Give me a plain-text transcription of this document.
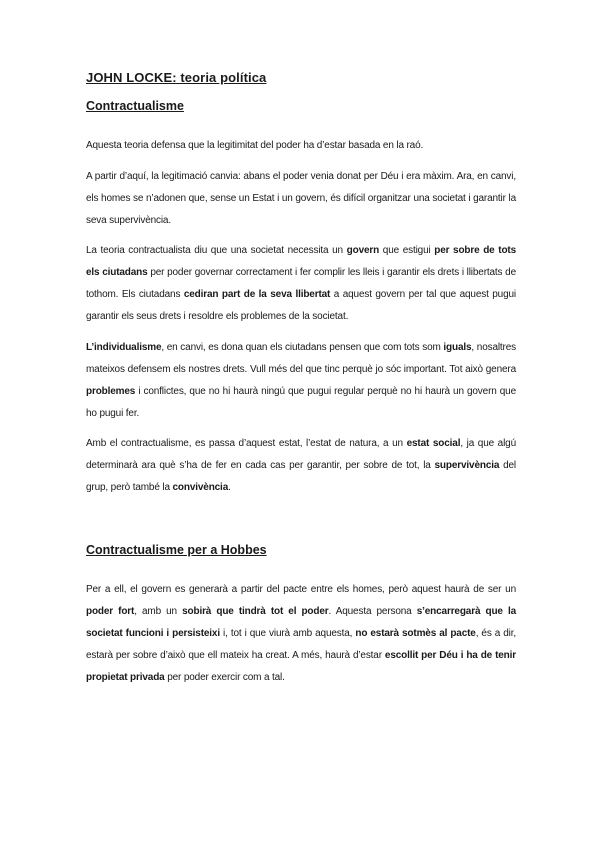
JOHN LOCKE: teoria política
Contractualisme

Aquesta teoria defensa que la legitimitat del poder ha d’estar basada en la raó.

A partir d’aquí, la legitimació canvia: abans el poder venia donat per Déu i era màxim. Ara, en canvi, els homes se n’adonen que, sense un Estat i un govern, és difícil organitzar una societat i garantir la seva supervivència.

La teoria contractualista diu que una societat necessita un govern que estigui per sobre de tots els ciutadans per poder governar correctament i fer complir les lleis i garantir els drets i llibertats de tothom. Els ciutadans cediran part de la seva llibertat a aquest govern per tal que aquest pugui garantir els seus drets i resoldre els problemes de la societat.

L’individualisme, en canvi, es dona quan els ciutadans pensen que com tots som iguals, nosaltres mateixos defensem els nostres drets. Vull més del que tinc perquè jo sóc important. Tot això genera problemes i conflictes, que no hi haurà ningú que pugui regular perquè no hi haurà un govern que ho pugui fer.

Amb el contractualisme, es passa d’aquest estat, l’estat de natura, a un estat social, ja que algú determinarà ara què s’ha de fer en cada cas per garantir, per sobre de tot, la supervivència del grup, però també la convivència.

Contractualisme per a Hobbes

Per a ell, el govern es generarà a partir del pacte entre els homes, però aquest haurà de ser un poder fort, amb un sobirà que tindrà tot el poder. Aquesta persona s’encarregarà que la societat funcioni i persisteixi i, tot i que viurà amb aquesta, no estarà sotmès al pacte, és a dir, estarà per sobre d’això que ell mateix ha creat. A més, haurà d’estar escollit per Déu i ha de tenir propietat privada per poder exercir com a tal.
